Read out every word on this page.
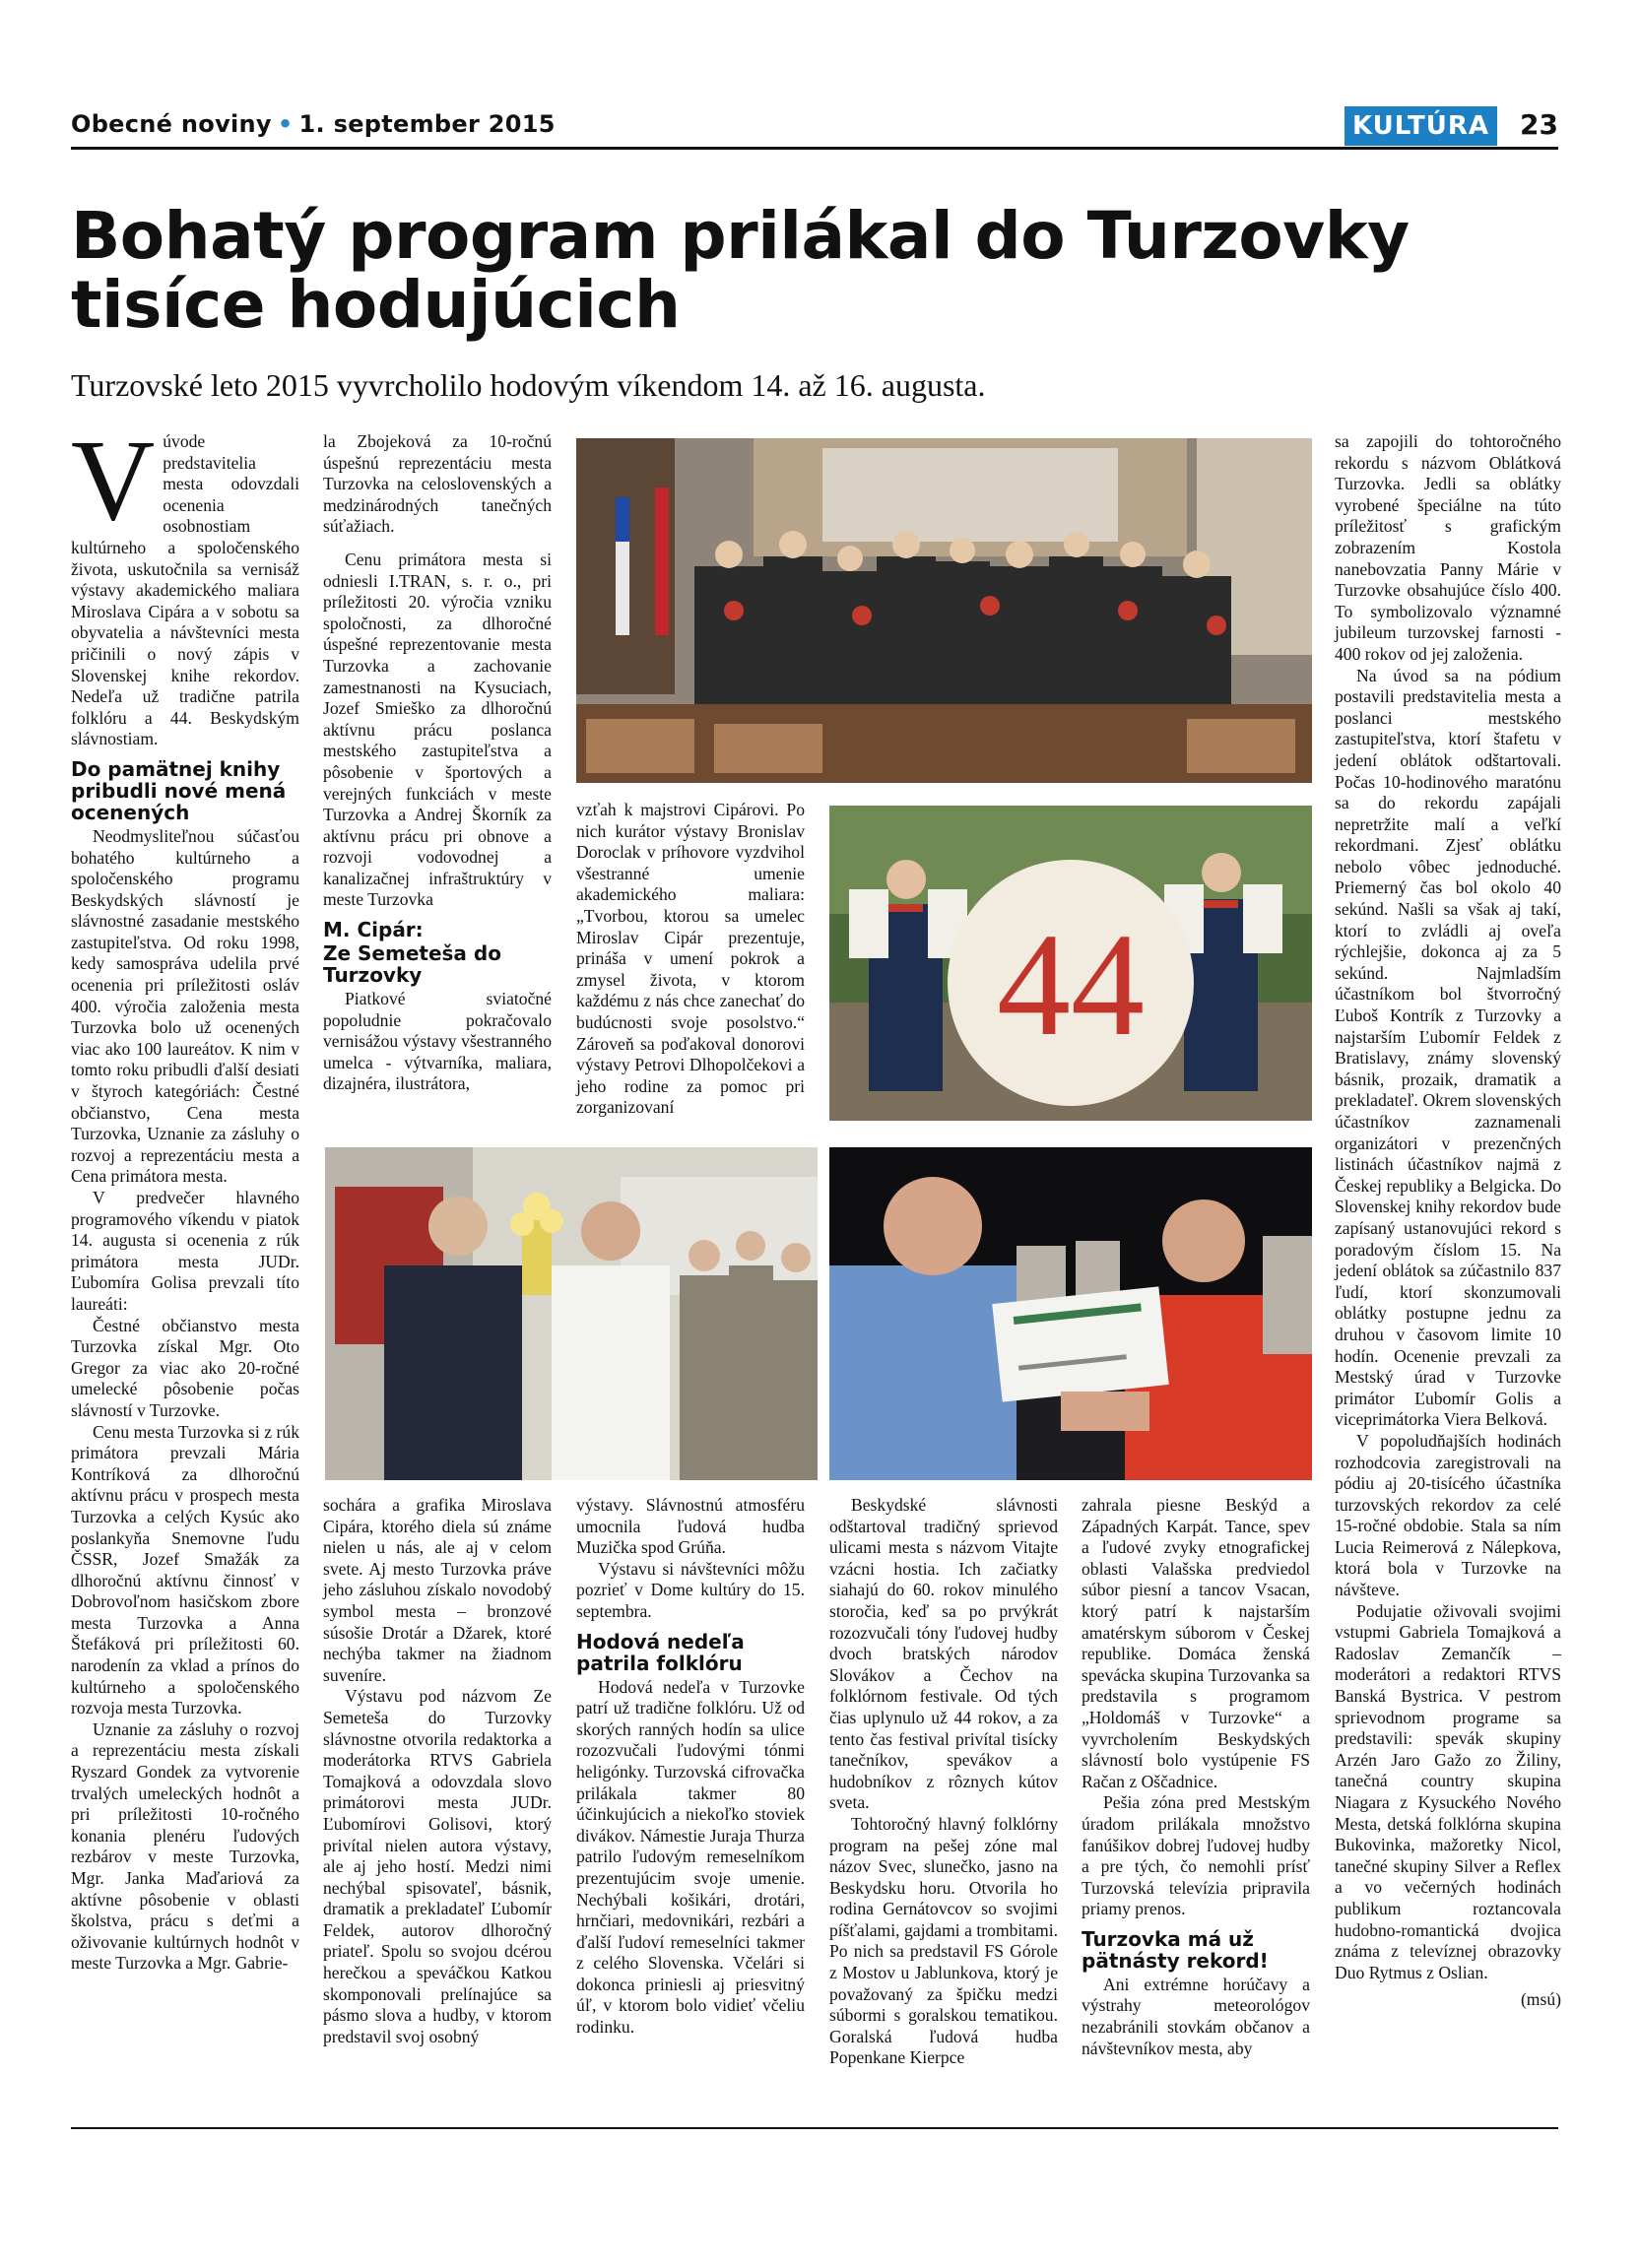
Obecné noviny • 1. september 2015	KULTÚRA 23
Bohatý program prilákal do Turzovky tisíce hodujúcich
Turzovské leto 2015 vyvrcholilo hodovým víkendom 14. až 16. augusta.

Vúvode predstavitelia mesta odovzdali ocenenia osobnostiam kultúrneho a spoločenského života, uskutočnila sa vernisáž výstavy akademického maliara Miroslava Cipára a v sobotu sa obyvatelia a návštevníci mesta pričinili o nový zápis v Slovenskej knihe rekordov. Nedeľa už tradične patrila folklóru a 44. Beskydským slávnostiam.

Do pamätnej knihy pribudli nové mená ocenených

Neodmysliteľnou súčasťou bohatého kultúrneho a spoločenského programu Beskydských slávností je slávnostné zasadanie mestského zastupiteľstva. Od roku 1998, kedy samospráva udelila prvé ocenenia pri príležitosti osláv 400. výročia založenia mesta Turzovka bolo už ocenených viac ako 100 laureátov. K nim v tomto roku pribudli ďalší desiati v štyroch kategóriách: Čestné občianstvo, Cena mesta Turzovka, Uznanie za zásluhy o rozvoj a reprezentáciu mesta a Cena primátora mesta.

V predvečer hlavného programového víkendu v piatok 14. augusta si ocenenia z rúk primátora mesta JUDr. Ľubomíra Golisa prevzali títo laureáti:

Čestné občianstvo mesta Turzovka získal Mgr. Oto Gregor za viac ako 20-ročné umelecké pôsobenie počas slávností v Turzovke.

Cenu mesta Turzovka si z rúk primátora prevzali Mária Kontríková za dlhoročnú aktívnu prácu v prospech mesta Turzovka a celých Kysúc ako poslankyňa Snemovne ľudu ČSSR, Jozef Smažák za dlhoročnú aktívnu činnosť v Dobrovoľnom hasičskom zbore mesta Turzovka a Anna Štefáková pri príležitosti 60. narodenín za vklad a prínos do kultúrneho a spoločenského rozvoja mesta Turzovka.

Uznanie za zásluhy o rozvoj a reprezentáciu mesta získali Ryszard Gondek za vytvorenie trvalých umeleckých hodnôt a pri príležitosti 10-ročného konania plenéru ľudových rezbárov v meste Turzovka, Mgr. Janka Maďariová za aktívne pôsobenie v oblasti školstva, prácu s deťmi a oživovanie kultúrnych hodnôt v meste Turzovka a Mgr. Gabrie-

la Zbojeková za 10-ročnú úspešnú reprezentáciu mesta Turzovka na celoslovenských a medzinárodných tanečných súťažiach.

Cenu primátora mesta si odniesli I.TRAN, s. r. o., pri príležitosti 20. výročia vzniku spoločnosti, za dlhoročné úspešné reprezentovanie mesta Turzovka a zachovanie zamestnanosti na Kysuciach, Jozef Smieško za dlhoročnú aktívnu prácu poslanca mestského zastupiteľstva a pôsobenie v športových a verejných funkciách v meste Turzovka a Andrej Škorník za aktívnu prácu pri obnove a rozvoji vodovodnej a kanalizačnej infraštruktúry v meste Turzovka

M. Cipár:
Ze Semeteša do Turzovky

Piatkové sviatočné popoludnie pokračovalo vernisážou výstavy všestranného umelca - výtvarníka, maliara, dizajnéra, ilustrátora,

vzťah k majstrovi Cipárovi. Po nich kurátor výstavy Bronislav Doroclak v príhovore vyzdvihol všestranné umenie akademického maliara: „Tvorbou, ktorou sa umelec Miroslav Cipár prezentuje, prináša v umení pokrok a zmysel života, v ktorom každému z nás chce zanechať do budúcnosti svoje posolstvo.“ Zároveň sa poďakoval donorovi výstavy Petrovi Dlhopolčekovi a jeho rodine za pomoc pri zorganizovaní

44

sa zapojili do tohtoročného rekordu s názvom Oblátková Turzovka. Jedli sa oblátky vyrobené špeciálne na túto príležitosť s grafickým zobrazením Kostola nanebovzatia Panny Márie v Turzovke obsahujúce číslo 400. To symbolizovalo významné jubileum turzovskej farnosti - 400 rokov od jej založenia.

Na úvod sa na pódium postavili predstavitelia mesta a poslanci mestského zastupiteľstva, ktorí štafetu v jedení oblátok odštartovali. Počas 10-hodinového maratónu sa do rekordu zapájali nepretržite malí a veľkí rekordmani. Zjesť oblátku nebolo vôbec jednoduché. Priemerný čas bol okolo 40 sekúnd. Našli sa však aj takí, ktorí to zvládli aj oveľa rýchlejšie, dokonca aj za 5 sekúnd. Najmladším účastníkom bol štvorročný Ľuboš Kontrík z Turzovky a najstarším Ľubomír Feldek z Bratislavy, známy slovenský básnik, prozaik, dramatik a prekladateľ. Okrem slovenských účastníkov zaznamenali organizátori v prezenčných listinách účastníkov najmä z Českej republiky a Belgicka. Do Slovenskej knihy rekordov bude zapísaný ustanovujúci rekord s poradovým číslom 15. Na jedení oblátok sa zúčastnilo 837 ľudí, ktorí skonzumovali oblátky postupne jednu za druhou v časovom limite 10 hodín. Ocenenie prevzali za Mestský úrad v Turzovke primátor Ľubomír Golis a viceprimátorka Viera Belková.

V popoludňajších hodinách rozhodcovia zaregistrovali na pódiu aj 20-tisícého účastníka turzovských rekordov za celé 15-ročné obdobie. Stala sa ním Lucia Reimerová z Nálepkova, ktorá bola v Turzovke na návšteve.

Podujatie oživovali svojimi vstupmi Gabriela Tomajková a Radoslav Zemančík – moderátori a redaktori RTVS Banská Bystrica. V pestrom sprievodnom programe sa predstavili: spevák skupiny Arzén Jaro Gažo zo Žiliny, tanečná country skupina Niagara z Kysuckého Nového Mesta, detská folklórna skupina Bukovinka, mažoretky Nicol, tanečné skupiny Silver a Reflex a vo večerných hodinách publikum roztancovala hudobno-romantická dvojica známa z televíznej obrazovky Duo Rytmus z Oslian.

(msú)

sochára a grafika Miroslava Cipára, ktorého diela sú známe nielen u nás, ale aj v celom svete. Aj mesto Turzovka práve jeho zásluhou získalo novodobý symbol mesta – bronzové súsošie Drotár a Džarek, ktoré nechýba takmer na žiadnom suveníre.

Výstavu pod názvom Ze Semeteša do Turzovky slávnostne otvorila redaktorka a moderátorka RTVS Gabriela Tomajková a odovzdala slovo primátorovi mesta JUDr. Ľubomírovi Golisovi, ktorý privítal nielen autora výstavy, ale aj jeho hostí. Medzi nimi nechýbal spisovateľ, básnik, dramatik a prekladateľ Ľubomír Feldek, autorov dlhoročný priateľ. Spolu so svojou dcérou herečkou a speváčkou Katkou skomponovali prelínajúce sa pásmo slova a hudby, v ktorom predstavil svoj osobný

výstavy. Slávnostnú atmosféru umocnila ľudová hudba Muzička spod Grúňa.

Výstavu si návštevníci môžu pozrieť v Dome kultúry do 15. septembra.

Hodová nedeľa patrila folklóru

Hodová nedeľa v Turzovke patrí už tradične folklóru. Už od skorých ranných hodín sa ulice rozozvučali ľudovými tónmi heligónky. Turzovská cifrovačka prilákala takmer 80 účinkujúcich a niekoľko stoviek divákov. Námestie Juraja Thurza patrilo ľudovým remeselníkom prezentujúcim svoje umenie. Nechýbali košikári, drotári, hrnčiari, medovnikári, rezbári a ďalší ľudoví remeselníci takmer z celého Slovenska. Včelári si dokonca priniesli aj priesvitný úľ, v ktorom bolo vidieť včeliu rodinku.

Beskydské slávnosti odštartoval tradičný sprievod ulicami mesta s názvom Vitajte vzácni hostia. Ich začiatky siahajú do 60. rokov minulého storočia, keď sa po prvýkrát rozozvučali tóny ľudovej hudby dvoch bratských národov Slovákov a Čechov na folklórnom festivale. Od tých čias uplynulo už 44 rokov, a za tento čas festival privítal tisícky tanečníkov, spevákov a hudobníkov z rôznych kútov sveta.

Tohtoročný hlavný folklórny program na pešej zóne mal názov Svec, slunečko, jasno na Beskydsku horu. Otvorila ho rodina Gernátovcov so svojimi píšťalami, gajdami a trombitami. Po nich sa predstavil FS Górole z Mostov u Jablunkova, ktorý je považovaný za špičku medzi súbormi s goralskou tematikou. Goralská ľudová hudba Popenkane Kierpce

zahrala piesne Beskýd a Západných Karpát. Tance, spev a ľudové zvyky etnografickej oblasti Valašska predviedol súbor piesní a tancov Vsacan, ktorý patrí k najstarším amatérskym súborom v Českej republike. Domáca ženská spevácka skupina Turzovanka sa predstavila s programom „Holdomáš v Turzovke“ a vyvrcholením Beskydských slávností bolo vystúpenie FS Račan z Oščadnice.

Pešia zóna pred Mestským úradom prilákala množstvo fanúšikov dobrej ľudovej hudby a pre tých, čo nemohli prísť Turzovská televízia pripravila priamy prenos.

Turzovka má už pätnásty rekord!

Ani extrémne horúčavy a výstrahy meteorológov nezabránili stovkám občanov a návštevníkov mesta, aby
